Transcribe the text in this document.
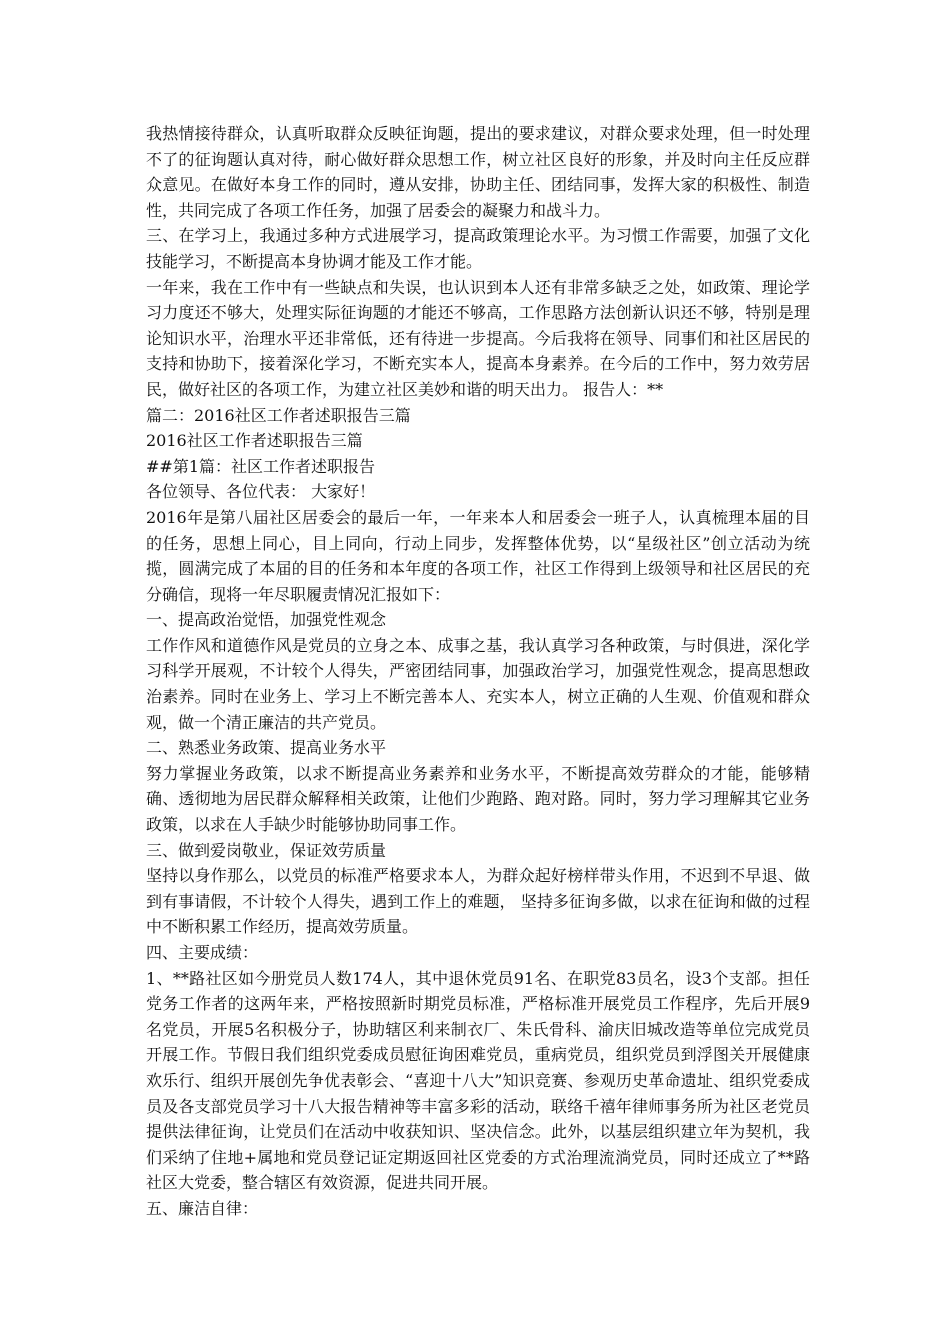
我热情接待群众，认真听取群众反映征询题，提出的要求建议，对群众要求处理，但一时处理不了的征询题认真对待，耐心做好群众思想工作，树立社区良好的形象，并及时向主任反应群众意见。在做好本身工作的同时，遵从安排，协助主任、团结同事，发挥大家的积极性、制造性，共同完成了各项工作任务，加强了居委会的凝聚力和战斗力。

三、在学习上，我通过多种方式进展学习，提高政策理论水平。为习惯工作需要，加强了文化技能学习，不断提高本身协调才能及工作才能。

一年来，我在工作中有一些缺点和失误，也认识到本人还有非常多缺乏之处，如政策、理论学习力度还不够大，处理实际征询题的才能还不够高，工作思路方法创新认识还不够，特别是理论知识水平，治理水平还非常低，还有待进一步提高。今后我将在领导、同事们和社区居民的支持和协助下，接着深化学习，不断充实本人，提高本身素养。在今后的工作中，努力效劳居民，做好社区的各项工作，为建立社区美妙和谐的明天出力。 报告人：**

篇二：2016社区工作者述职报告三篇

2016社区工作者述职报告三篇

##第1篇：社区工作者述职报告

各位领导、各位代表： 大家好！

2016年是第八届社区居委会的最后一年，一年来本人和居委会一班子人，认真梳理本届的目的任务，思想上同心，目上同向，行动上同步，发挥整体优势，以“星级社区”创立活动为统揽，圆满完成了本届的目的任务和本年度的各项工作，社区工作得到上级领导和社区居民的充分确信，现将一年尽职履责情况汇报如下：

一、提高政治觉悟，加强党性观念

工作作风和道德作风是党员的立身之本、成事之基，我认真学习各种政策，与时俱进，深化学习科学开展观，不计较个人得失，严密团结同事，加强政治学习，加强党性观念，提高思想政治素养。同时在业务上、学习上不断完善本人、充实本人，树立正确的人生观、价值观和群众观，做一个清正廉洁的共产党员。

二、熟悉业务政策、提高业务水平

努力掌握业务政策，以求不断提高业务素养和业务水平，不断提高效劳群众的才能，能够精确、透彻地为居民群众解释相关政策，让他们少跑路、跑对路。同时，努力学习理解其它业务政策，以求在人手缺少时能够协助同事工作。

三、做到爱岗敬业，保证效劳质量

坚持以身作那么，以党员的标准严格要求本人，为群众起好榜样带头作用，不迟到不早退、做到有事请假，不计较个人得失，遇到工作上的难题， 坚持多征询多做，以求在征询和做的过程中不断积累工作经历，提高效劳质量。

四、主要成绩：

1、**路社区如今册党员人数174人，其中退休党员91名、在职党83员名，设3个支部。担任党务工作者的这两年来，严格按照新时期党员标准，严格标准开展党员工作程序，先后开展9名党员，开展5名积极分子，协助辖区利来制衣厂、朱氏骨科、渝庆旧城改造等单位完成党员开展工作。节假日我们组织党委成员慰征询困难党员，重病党员，组织党员到浮图关开展健康欢乐行、组织开展创先争优表彰会、“喜迎十八大”知识竞赛、参观历史革命遗址、组织党委成员及各支部党员学习十八大报告精神等丰富多彩的活动，联络千禧年律师事务所为社区老党员提供法律征询，让党员们在活动中收获知识、坚决信念。此外，以基层组织建立年为契机，我们采纳了住地+属地和党员登记证定期返回社区党委的方式治理流淌党员，同时还成立了**路社区大党委，整合辖区有效资源，促进共同开展。

五、廉洁自律：
